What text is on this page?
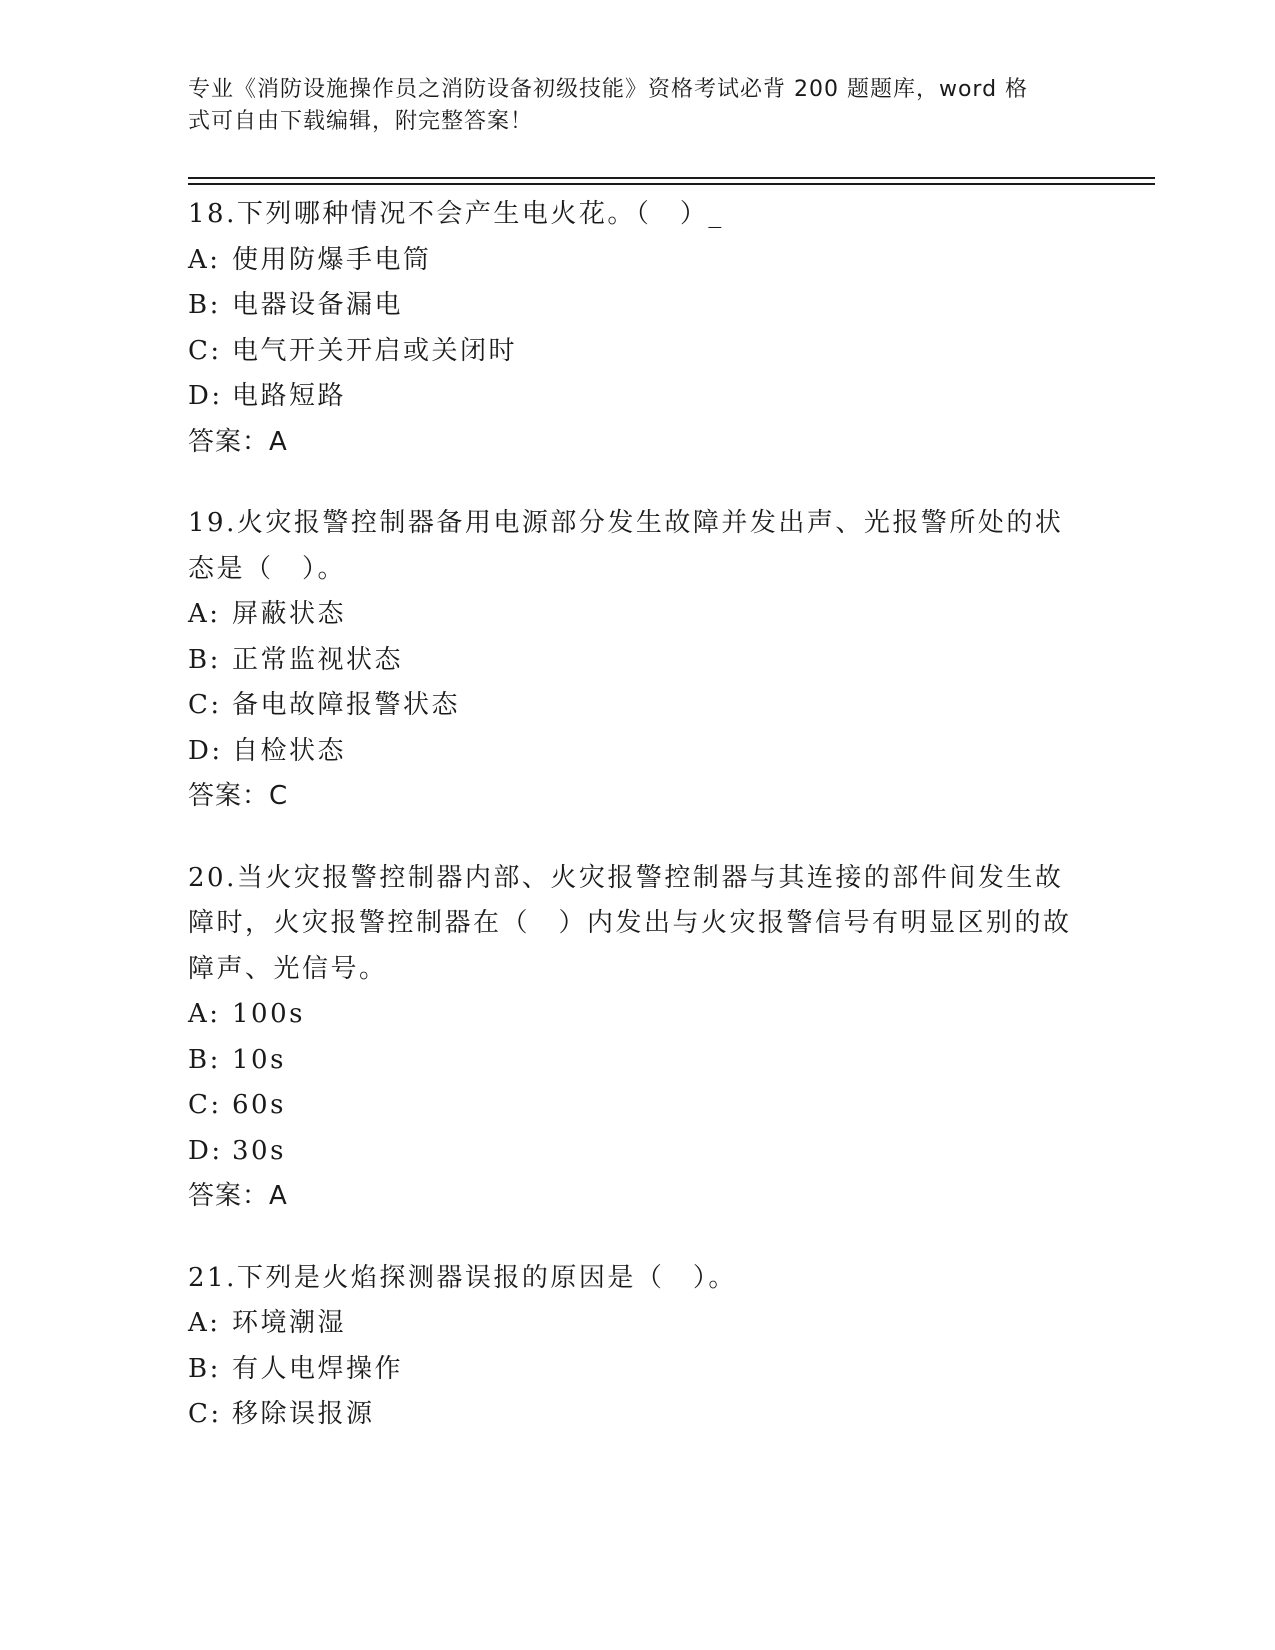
专业《消防设施操作员之消防设备初级技能》资格考试必背 200 题题库，word 格
式可自由下载编辑，附完整答案！
18.下列哪种情况不会产生电火花。（　）_
A: 使用防爆手电筒
B: 电器设备漏电
C: 电气开关开启或关闭时
D: 电路短路
答案：A
19.火灾报警控制器备用电源部分发生故障并发出声、光报警所处的状态是（　）。
A: 屏蔽状态
B: 正常监视状态
C: 备电故障报警状态
D: 自检状态
答案：C
20.当火灾报警控制器内部、火灾报警控制器与其连接的部件间发生故障时，火灾报警控制器在（　）内发出与火灾报警信号有明显区别的故障声、光信号。
A: 100s
B: 10s
C: 60s
D: 30s
答案：A
21.下列是火焰探测器误报的原因是（　）。
A: 环境潮湿
B: 有人电焊操作
C: 移除误报源
